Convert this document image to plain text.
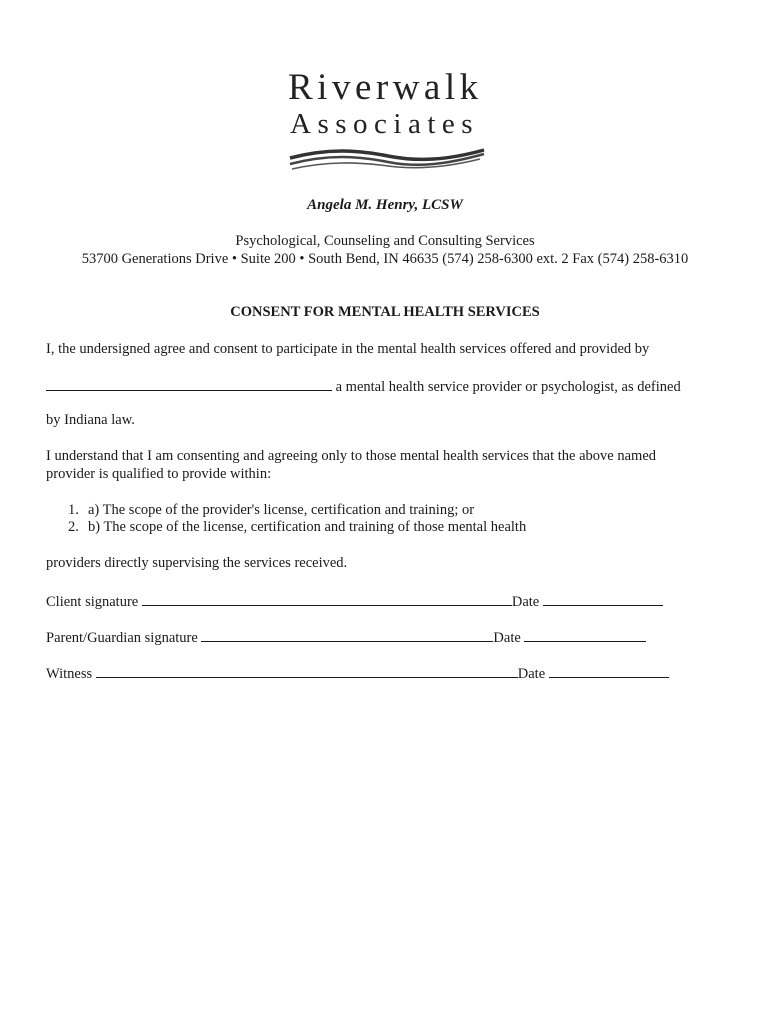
Riverwalk
Associates
Angela M. Henry, LCSW
Psychological, Counseling and Consulting Services
53700 Generations Drive • Suite 200 • South Bend, IN 46635 (574) 258-6300 ext. 2 Fax (574) 258-6310
CONSENT FOR MENTAL HEALTH SERVICES
I, the undersigned agree and consent to participate in the mental health services offered and provided by
a mental health service provider or psychologist, as defined
by Indiana law.
I understand that I am consenting and agreeing only to those mental health services that the above named
provider is qualified to provide within:
1. a) The scope of the provider's license, certification and training; or
2. b) The scope of the license, certification and training of those mental health
providers directly supervising the services received.
Client signature	Date
Parent/Guardian signature	Date
Witness	Date
